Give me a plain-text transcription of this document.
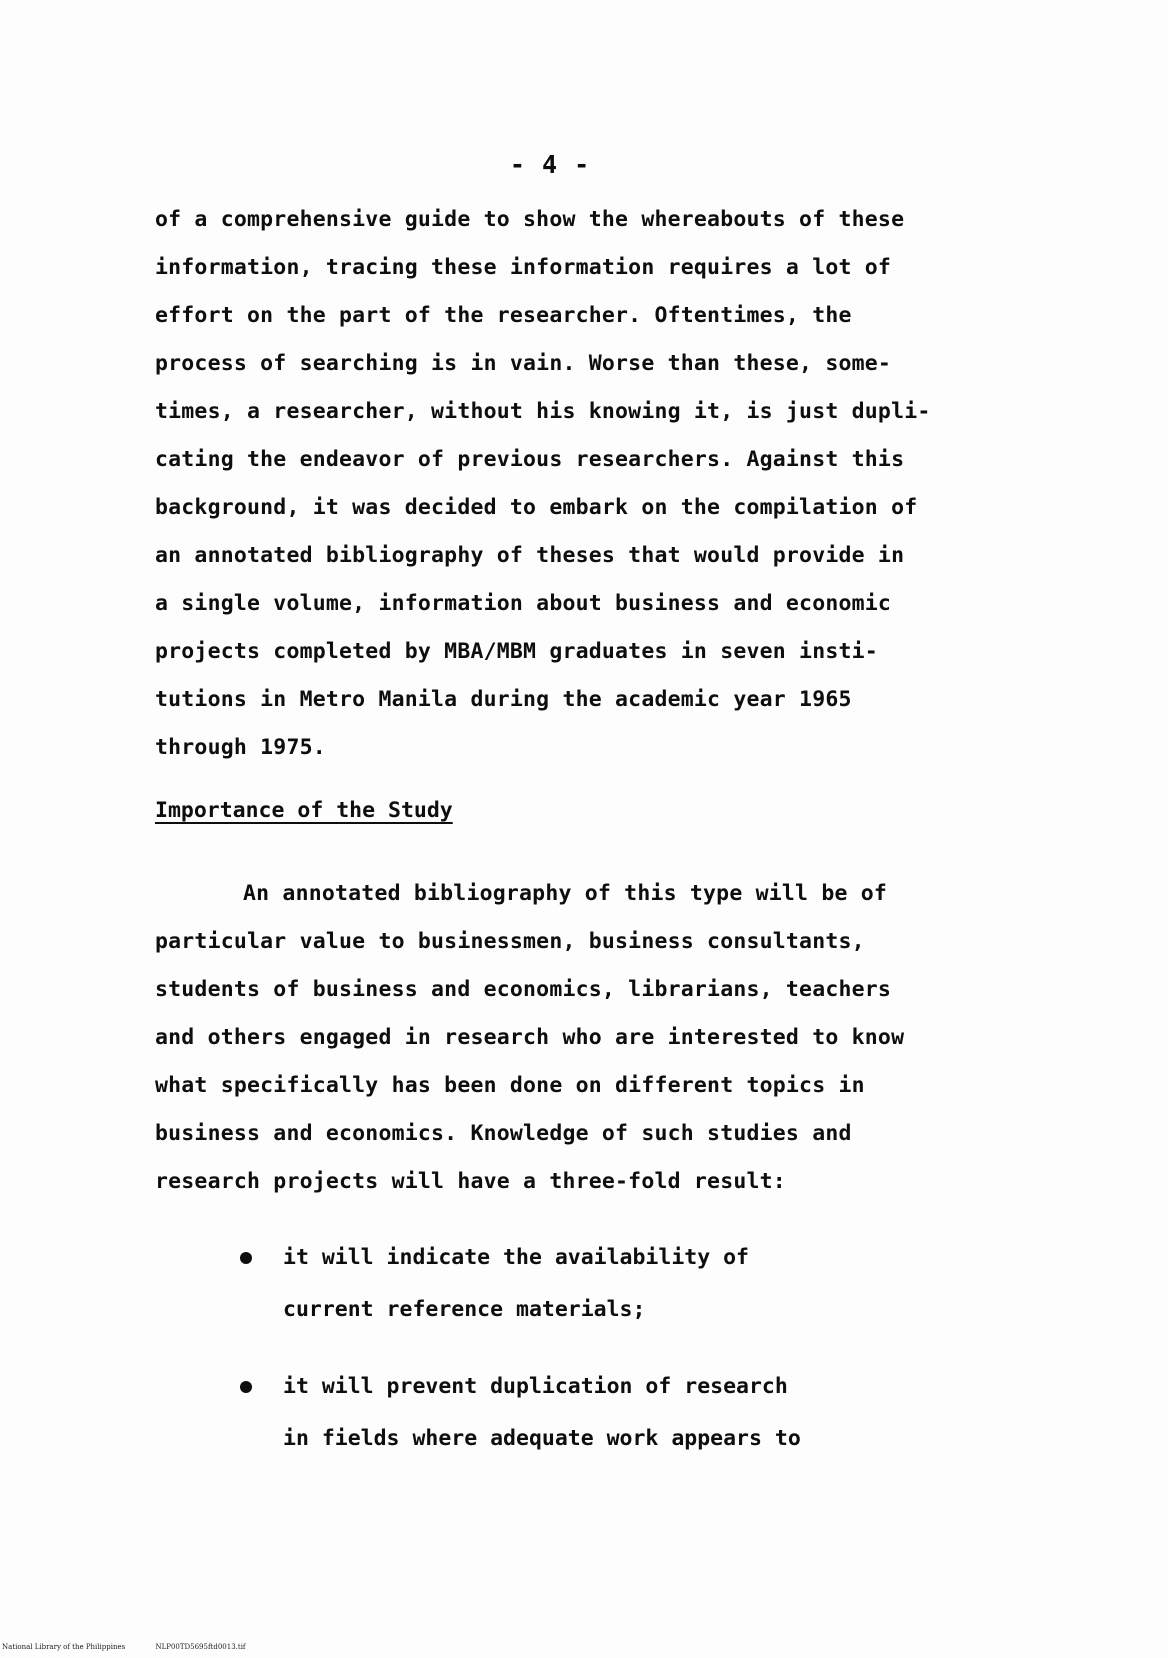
- 4 -
of a comprehensive guide to show the whereabouts of these
information, tracing these information requires a lot of
effort on the part of the researcher. Oftentimes, the
process of searching is in vain. Worse than these, some-
times, a researcher, without his knowing it, is just dupli-
cating the endeavor of previous researchers. Against this
background, it was decided to embark on the compilation of
an annotated bibliography of theses that would provide in
a single volume, information about business and economic
projects completed by MBA/MBM graduates in seven insti-
tutions in Metro Manila during the academic year 1965
through 1975.
Importance of the Study
An annotated bibliography of this type will be of
particular value to businessmen, business consultants,
students of business and economics, librarians, teachers
and others engaged in research who are interested to know
what specifically has been done on different topics in
business and economics. Knowledge of such studies and
research projects will have a three-fold result:
it will indicate the availability of
current reference materials;
it will prevent duplication of research
in fields where adequate work appears to
National Library of the Philippines	NLP00TD5695ftd0013.tif
